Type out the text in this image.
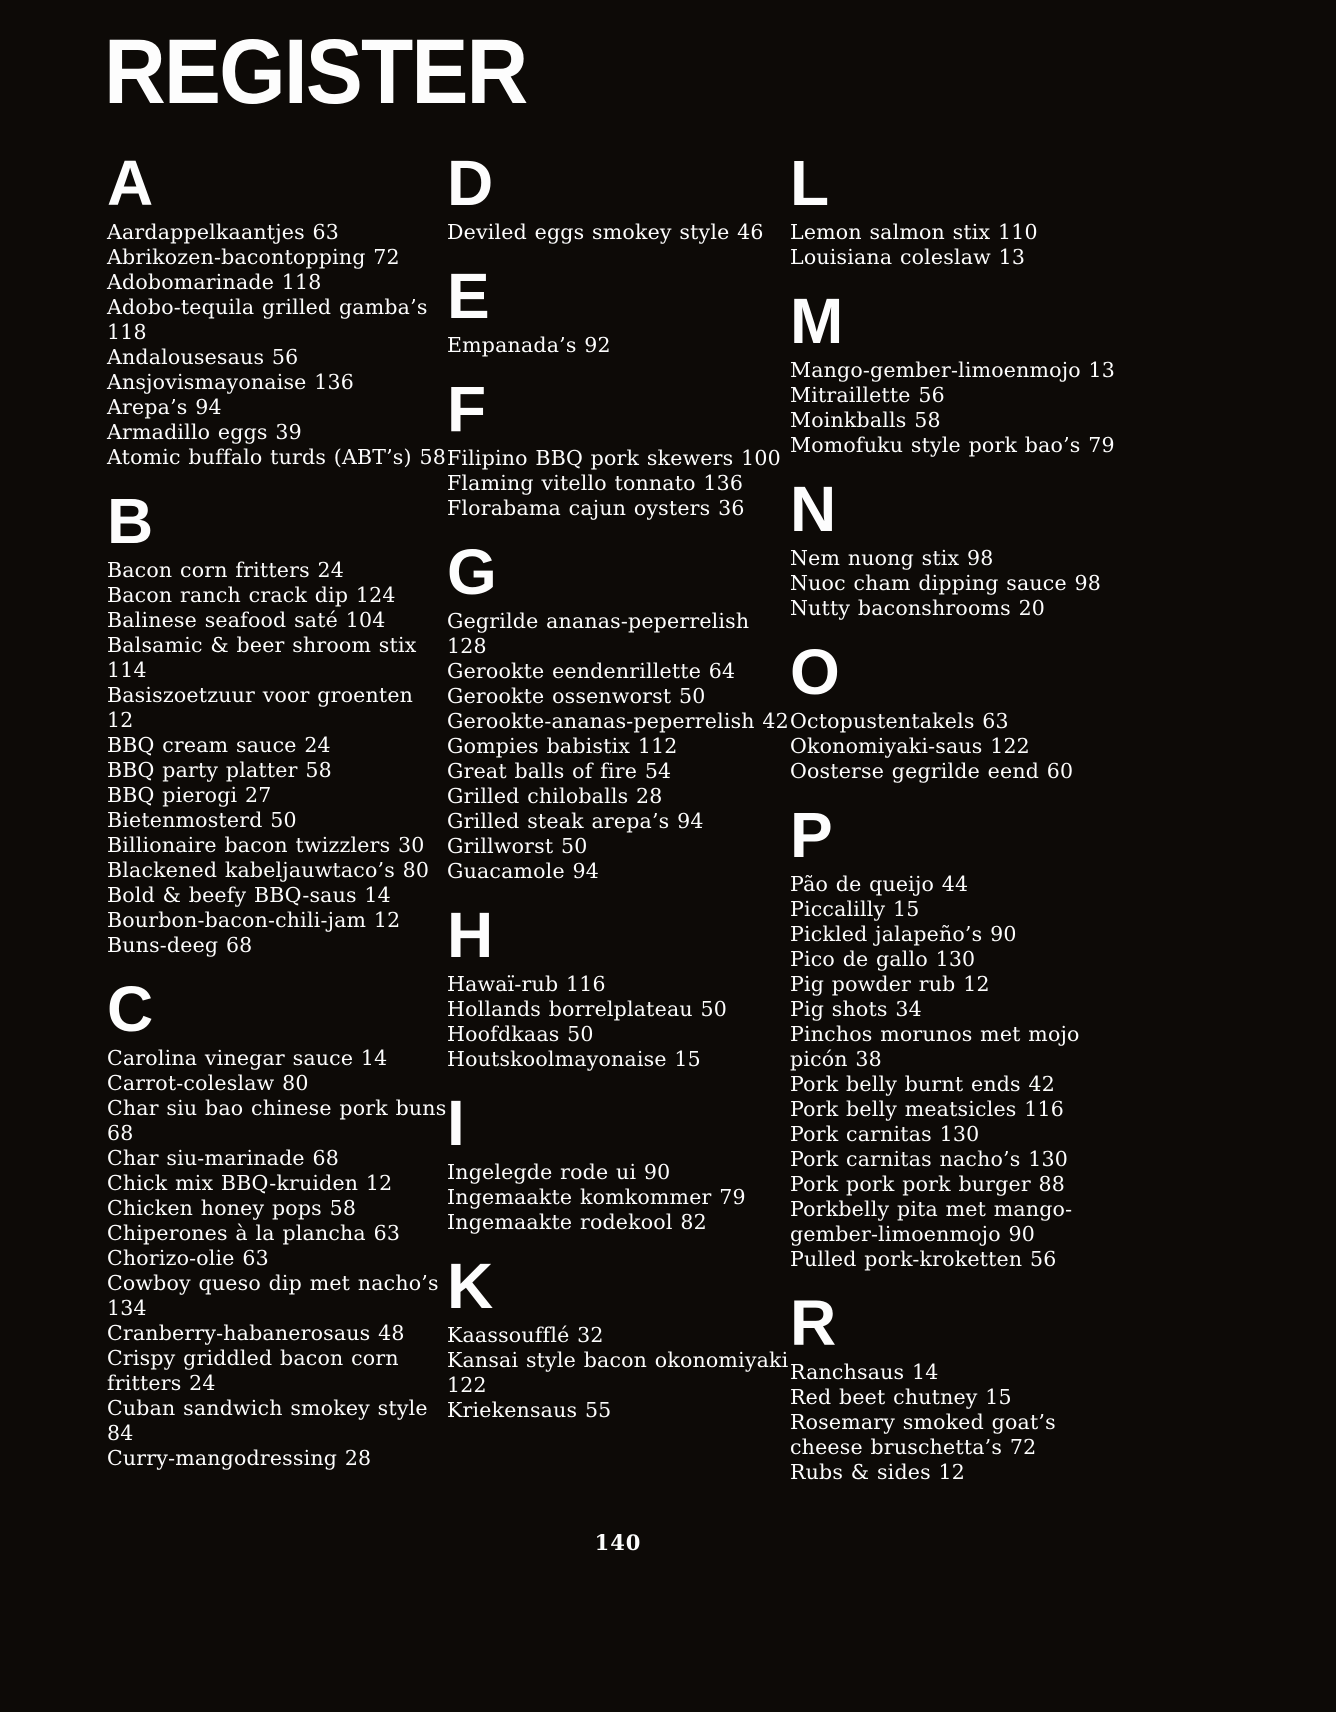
REGISTER
A
Aardappelkaantjes 63
Abrikozen-bacontopping 72
Adobomarinade 118
Adobo-tequila grilled gamba’s 118
Andalousesaus 56
Ansjovismayonaise 136
Arepa’s 94
Armadillo eggs 39
Atomic buffalo turds (ABT’s) 58
B
Bacon corn fritters 24
Bacon ranch crack dip 124
Balinese seafood saté 104
Balsamic & beer shroom stix 114
Basiszoetzuur voor groenten 12
BBQ cream sauce 24
BBQ party platter 58
BBQ pierogi 27
Bietenmosterd 50
Billionaire bacon twizzlers 30
Blackened kabeljauwtaco’s 80
Bold & beefy BBQ-saus 14
Bourbon-bacon-chili-jam 12
Buns-deeg 68
C
Carolina vinegar sauce 14
Carrot-coleslaw 80
Char siu bao chinese pork buns 68
Char siu-marinade 68
Chick mix BBQ-kruiden 12
Chicken honey pops 58
Chiperones à la plancha 63
Chorizo-olie 63
Cowboy queso dip met nacho’s 134
Cranberry-habanerosaus 48
Crispy griddled bacon corn fritters 24
Cuban sandwich smokey style 84
Curry-mangodressing 28
D
Deviled eggs smokey style 46
E
Empanada’s 92
F
Filipino BBQ pork skewers 100
Flaming vitello tonnato 136
Florabama cajun oysters 36
G
Gegrilde ananas-peperrelish 128
Gerookte eendenrillette 64
Gerookte ossenworst 50
Gerookte-ananas-peperrelish 42
Gompies babistix 112
Great balls of fire 54
Grilled chiloballs 28
Grilled steak arepa’s 94
Grillworst 50
Guacamole 94
H
Hawaï-rub 116
Hollands borrelplateau 50
Hoofdkaas 50
Houtskoolmayonaise 15
I
Ingelegde rode ui 90
Ingemaakte komkommer 79
Ingemaakte rodekool 82
K
Kaassoufflé 32
Kansai style bacon okonomiyaki 122
Kriekensaus 55
L
Lemon salmon stix 110
Louisiana coleslaw 13
M
Mango-gember-limoenmojo 13
Mitraillette 56
Moinkballs 58
Momofuku style pork bao’s 79
N
Nem nuong stix 98
Nuoc cham dipping sauce 98
Nutty baconshrooms 20
O
Octopustentakels 63
Okonomiyaki-saus 122
Oosterse gegrilde eend 60
P
Pão de queijo 44
Piccalilly 15
Pickled jalapeño’s 90
Pico de gallo 130
Pig powder rub 12
Pig shots 34
Pinchos morunos met mojo picón 38
Pork belly burnt ends 42
Pork belly meatsicles 116
Pork carnitas 130
Pork carnitas nacho’s 130
Pork pork pork burger 88
Porkbelly pita met mango-gember-limoenmojo 90
Pulled pork-kroketten 56
R
Ranchsaus 14
Red beet chutney 15
Rosemary smoked goat’s cheese bruschetta’s 72
Rubs & sides 12
140
